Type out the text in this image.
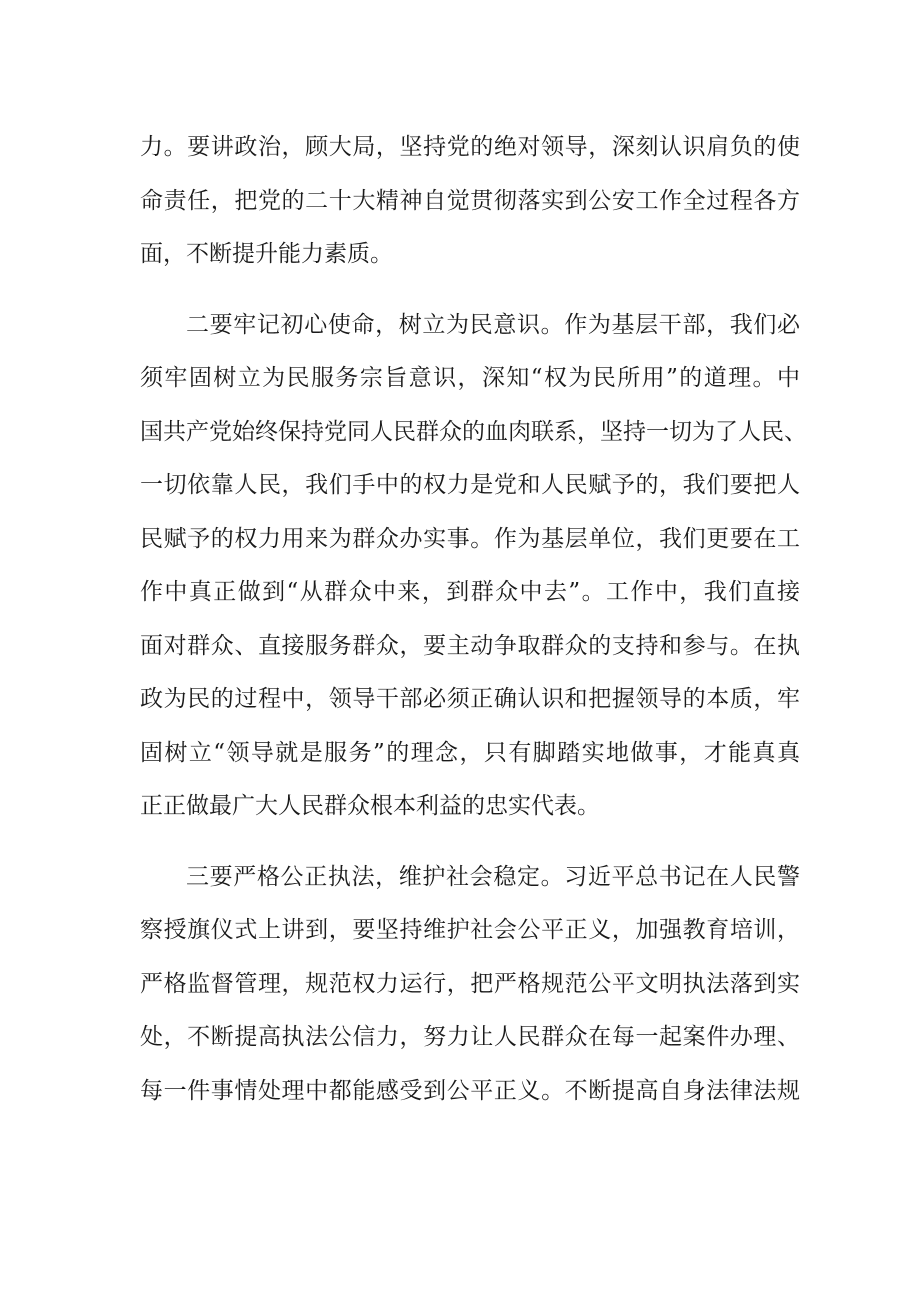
力。要讲政治，顾大局，坚持党的绝对领导，深刻认识肩负的使
命责任，把党的二十大精神自觉贯彻落实到公安工作全过程各方
面，不断提升能力素质。
二要牢记初心使命，树立为民意识。作为基层干部，我们必
须牢固树立为民服务宗旨意识，深知“权为民所用”的道理。中
国共产党始终保持党同人民群众的血肉联系，坚持一切为了人民、
一切依靠人民，我们手中的权力是党和人民赋予的，我们要把人
民赋予的权力用来为群众办实事。作为基层单位，我们更要在工
作中真正做到“从群众中来，到群众中去”。工作中，我们直接
面对群众、直接服务群众，要主动争取群众的支持和参与。在执
政为民的过程中，领导干部必须正确认识和把握领导的本质，牢
固树立“领导就是服务”的理念，只有脚踏实地做事，才能真真
正正做最广大人民群众根本利益的忠实代表。
三要严格公正执法，维护社会稳定。习近平总书记在人民警
察授旗仪式上讲到，要坚持维护社会公平正义，加强教育培训，
严格监督管理，规范权力运行，把严格规范公平文明执法落到实
处，不断提高执法公信力，努力让人民群众在每一起案件办理、
每一件事情处理中都能感受到公平正义。不断提高自身法律法规
